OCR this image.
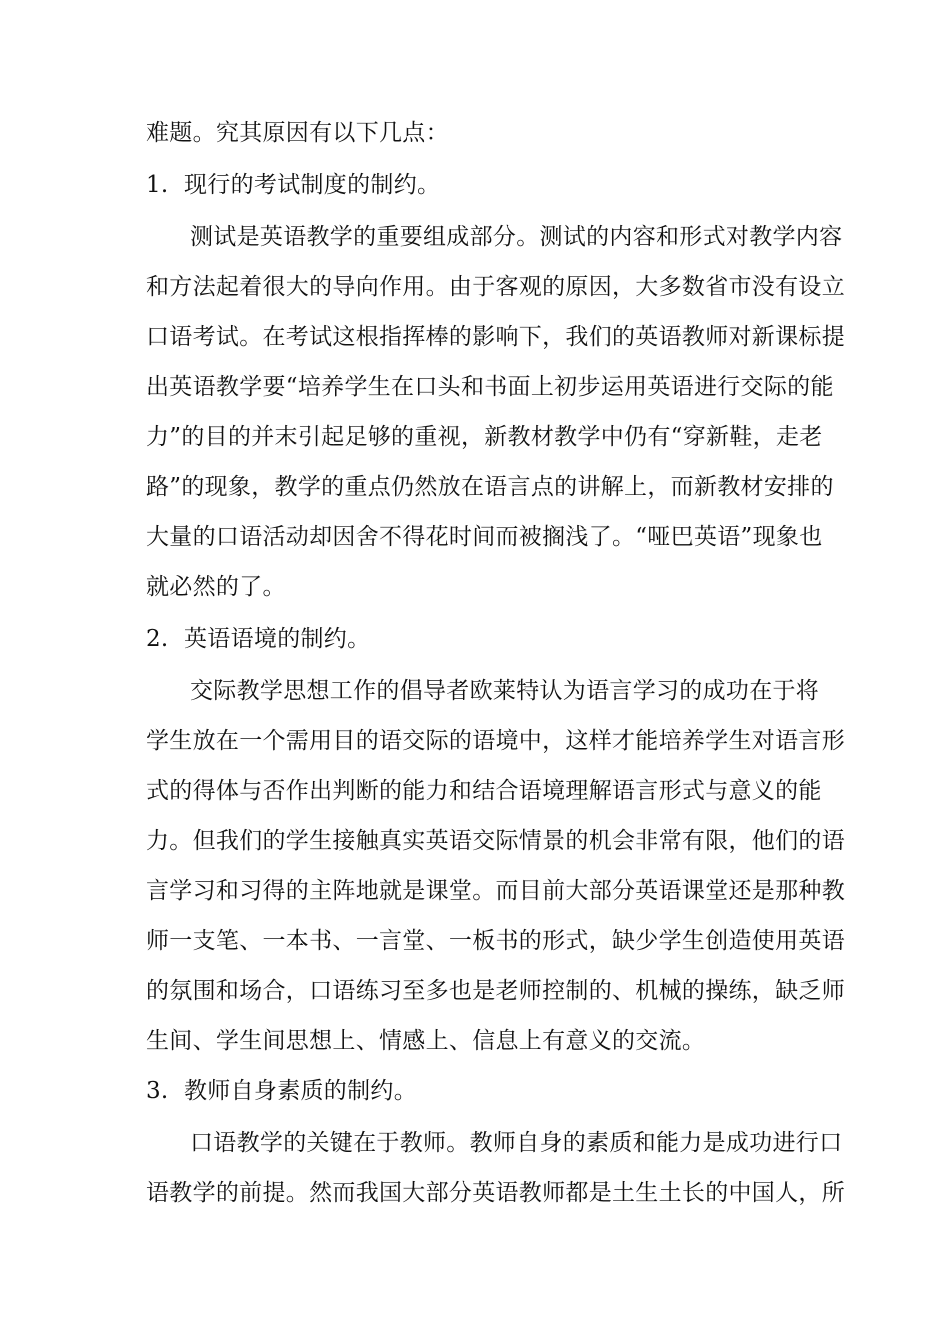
难题。究其原因有以下几点：
1. 现行的考试制度的制约。
测试是英语教学的重要组成部分。测试的内容和形式对教学内容
和方法起着很大的导向作用。由于客观的原因，大多数省市没有设立
口语考试。在考试这根指挥棒的影响下，我们的英语教师对新课标提
出英语教学要“培养学生在口头和书面上初步运用英语进行交际的能
力”的目的并末引起足够的重视，新教材教学中仍有“穿新鞋，走老
路”的现象，教学的重点仍然放在语言点的讲解上，而新教材安排的
大量的口语活动却因舍不得花时间而被搁浅了。“哑巴英语”现象也
就必然的了。
2. 英语语境的制约。
交际教学思想工作的倡导者欧莱特认为语言学习的成功在于将
学生放在一个需用目的语交际的语境中，这样才能培养学生对语言形
式的得体与否作出判断的能力和结合语境理解语言形式与意义的能
力。但我们的学生接触真实英语交际情景的机会非常有限，他们的语
言学习和习得的主阵地就是课堂。而目前大部分英语课堂还是那种教
师一支笔、一本书、一言堂、一板书的形式，缺少学生创造使用英语
的氛围和场合，口语练习至多也是老师控制的、机械的操练，缺乏师
生间、学生间思想上、情感上、信息上有意义的交流。
3. 教师自身素质的制约。
口语教学的关键在于教师。教师自身的素质和能力是成功进行口
语教学的前提。然而我国大部分英语教师都是土生土长的中国人，所
